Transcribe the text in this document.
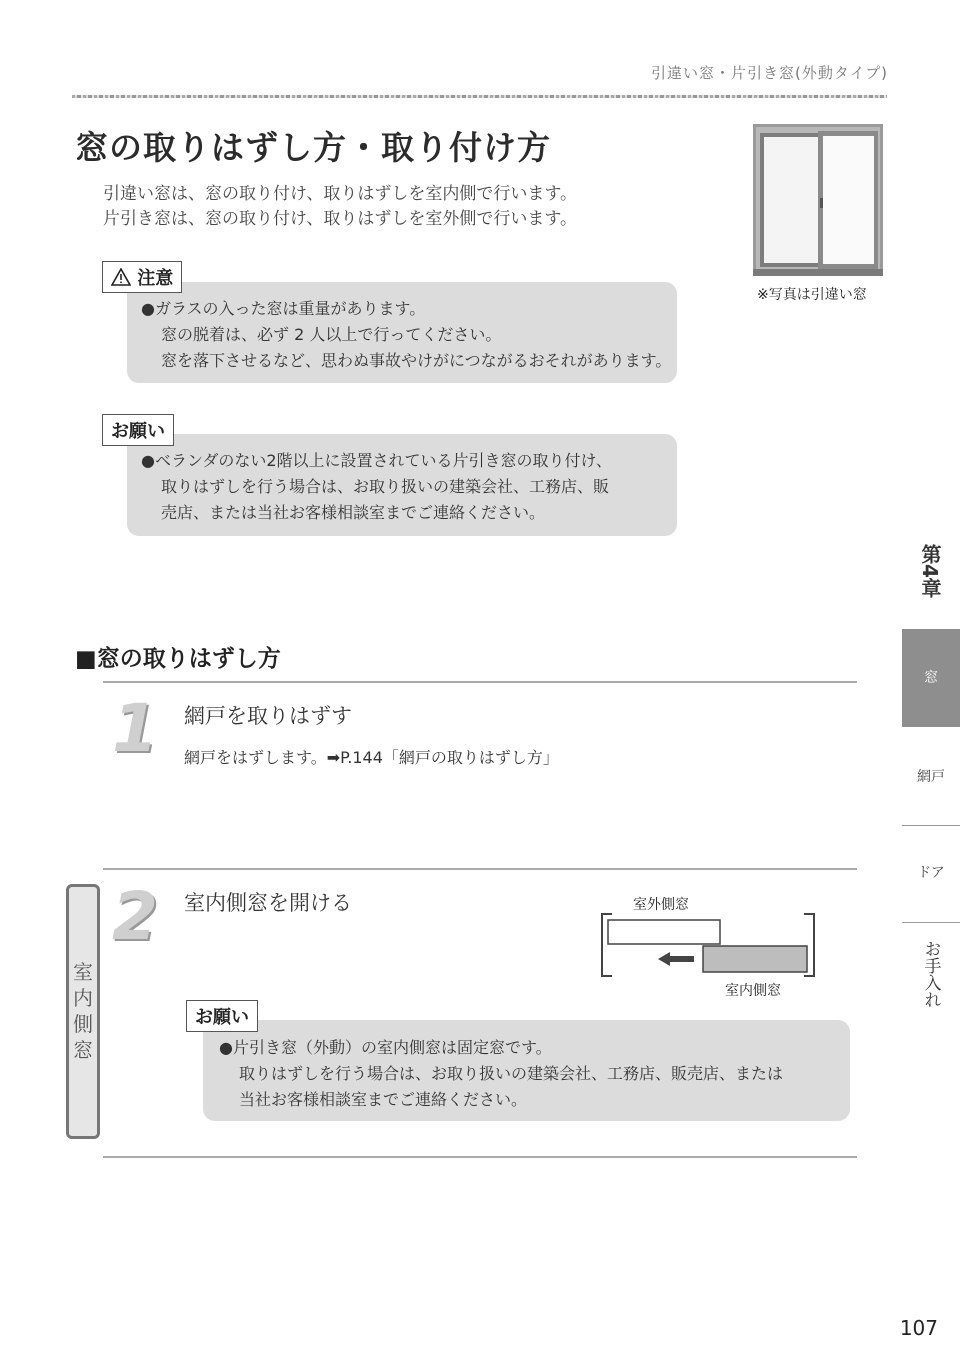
引違い窓・片引き窓(外動タイプ)
窓の取りはずし方・取り付け方
引違い窓は、窓の取り付け、取りはずしを室内側で行います。
片引き窓は、窓の取り付け、取りはずしを室外側で行います。
※写真は引違い窓
注意
●ガラスの入った窓は重量があります。
窓の脱着は、必ず 2 人以上で行ってください。
窓を落下させるなど、思わぬ事故やけがにつながるおそれがあります。
お願い
●ベランダのない2階以上に設置されている片引き窓の取り付け、
取りはずしを行う場合は、お取り扱いの建築会社、工務店、販
売店、または当社お客様相談室までご連絡ください。
■窓の取りはずし方
1 網戸を取りはずす
網戸をはずします。➡P.144「網戸の取りはずし方」
室内側窓
2 室内側窓を開ける	室外側窓
室内側窓
お願い
●片引き窓（外動）の室内側窓は固定窓です。
取りはずしを行う場合は、お取り扱いの建築会社、工務店、販売店、または
当社お客様相談室までご連絡ください。
第4章
窓
網戸
ドア
お手入れ
107
